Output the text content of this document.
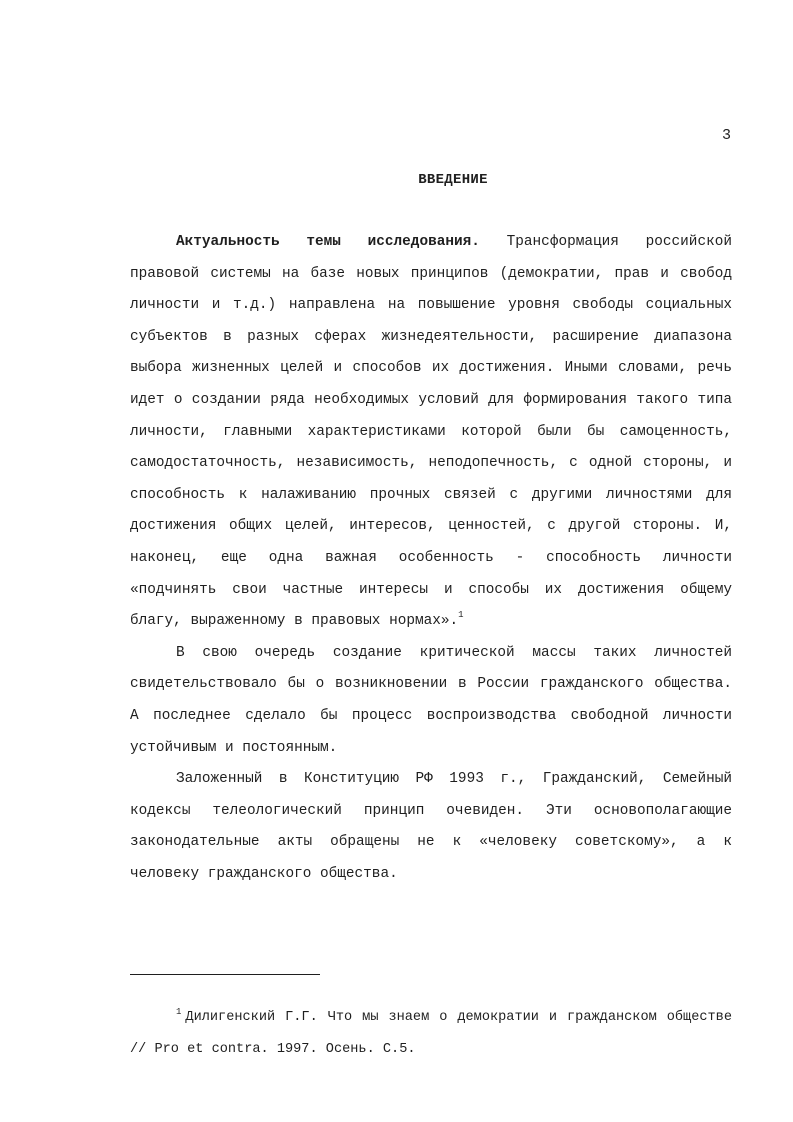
3
ВВЕДЕНИЕ

Актуальность темы исследования. Трансформация российской правовой системы на базе новых принципов (демократии, прав и свобод личности и т.д.) направлена на повышение уровня свободы социальных субъектов в разных сферах жизнедеятельности, расширение диапазона выбора жизненных целей и способов их достижения. Иными словами, речь идет о создании ряда необходимых условий для формирования такого типа личности, главными характеристиками которой были бы самоценность, самодостаточность, независимость, неподопечность, с одной стороны, и способность к налаживанию прочных связей с другими личностями для достижения общих целей, интересов, ценностей, с другой стороны. И, наконец, еще одна важная особенность - способность личности «подчинять свои частные интересы и способы их достижения общему благу, выраженному в правовых нормах».$^1$

В свою очередь создание критической массы таких личностей свидетельствовало бы о возникновении в России гражданского общества. А последнее сделало бы процесс воспроизводства свободной личности устойчивым и постоянным.

Заложенный в Конституцию РФ 1993 г., Гражданский, Семейный кодексы телеологический принцип очевиден. Эти основополагающие законодательные акты обращены не к «человеку советскому», а к человеку гражданского общества.

$^1$ Дилигенский Г.Г. Что мы знаем о демократии и гражданском обществе // Pro et contra. 1997. Осень. С.5.
